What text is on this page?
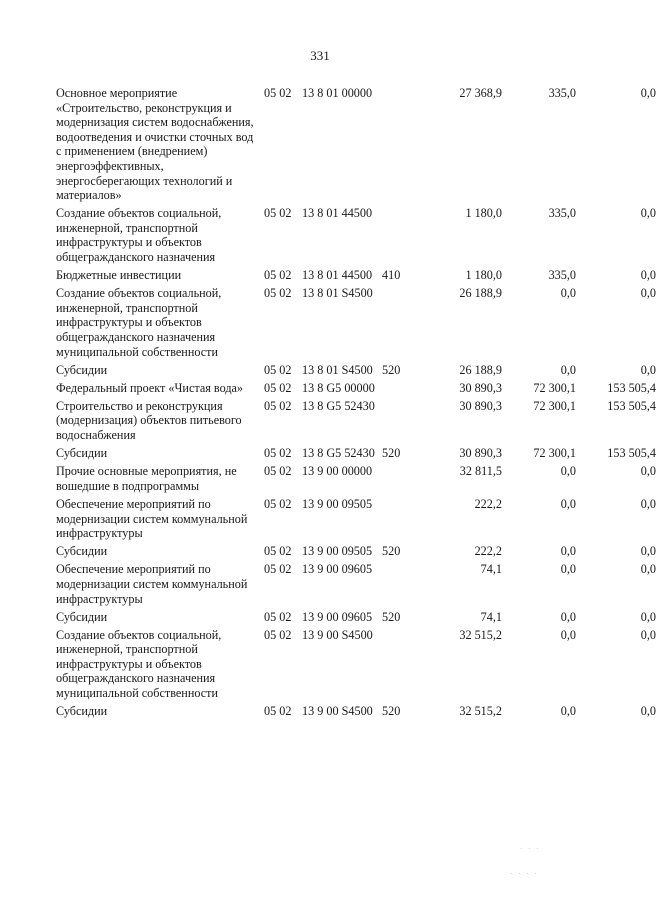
331
Основное мероприятие «Строительство, реконструкция и модернизация систем водоснабжения, водоотведения и очистки сточных вод с применением (внедрением) энергоэффективных, энергосберегающих технологий и материалов»
05 02 13 8 01 00000	27 368,9	335,0	0,0
Создание объектов социальной, инженерной, транспортной инфраструктуры и объектов общегражданского назначения
05 02 13 8 01 44500	1 180,0	335,0	0,0
Бюджетные инвестиции	05 02 13 8 01 44500 410	1 180,0	335,0	0,0
Создание объектов социальной, инженерной, транспортной инфраструктуры и объектов общегражданского назначения муниципальной собственности
05 02 13 8 01 S4500	26 188,9	0,0	0,0
Субсидии	05 02 13 8 01 S4500 520	26 188,9	0,0	0,0
Федеральный проект «Чистая вода»	05 02 13 8 G5 00000	30 890,3	72 300,1	153 505,4
Строительство и реконструкция (модернизация) объектов питьевого водоснабжения
05 02 13 8 G5 52430	30 890,3	72 300,1	153 505,4
Субсидии	05 02 13 8 G5 52430 520	30 890,3	72 300,1	153 505,4
Прочие основные мероприятия, не вошедшие в подпрограммы
05 02 13 9 00 00000	32 811,5	0,0	0,0
Обеспечение мероприятий по модернизации систем коммунальной инфраструктуры
05 02 13 9 00 09505	222,2	0,0	0,0
Субсидии	05 02 13 9 00 09505 520	222,2	0,0	0,0
Обеспечение мероприятий по модернизации систем коммунальной инфраструктуры
05 02 13 9 00 09605	74,1	0,0	0,0
Субсидии	05 02 13 9 00 09605 520	74,1	0,0	0,0
Создание объектов социальной, инженерной, транспортной инфраструктуры и объектов общегражданского назначения муниципальной собственности
05 02 13 9 00 S4500	32 515,2	0,0	0,0
Субсидии	05 02 13 9 00 S4500 520	32 515,2	0,0	0,0
· · ·
· · · ·
